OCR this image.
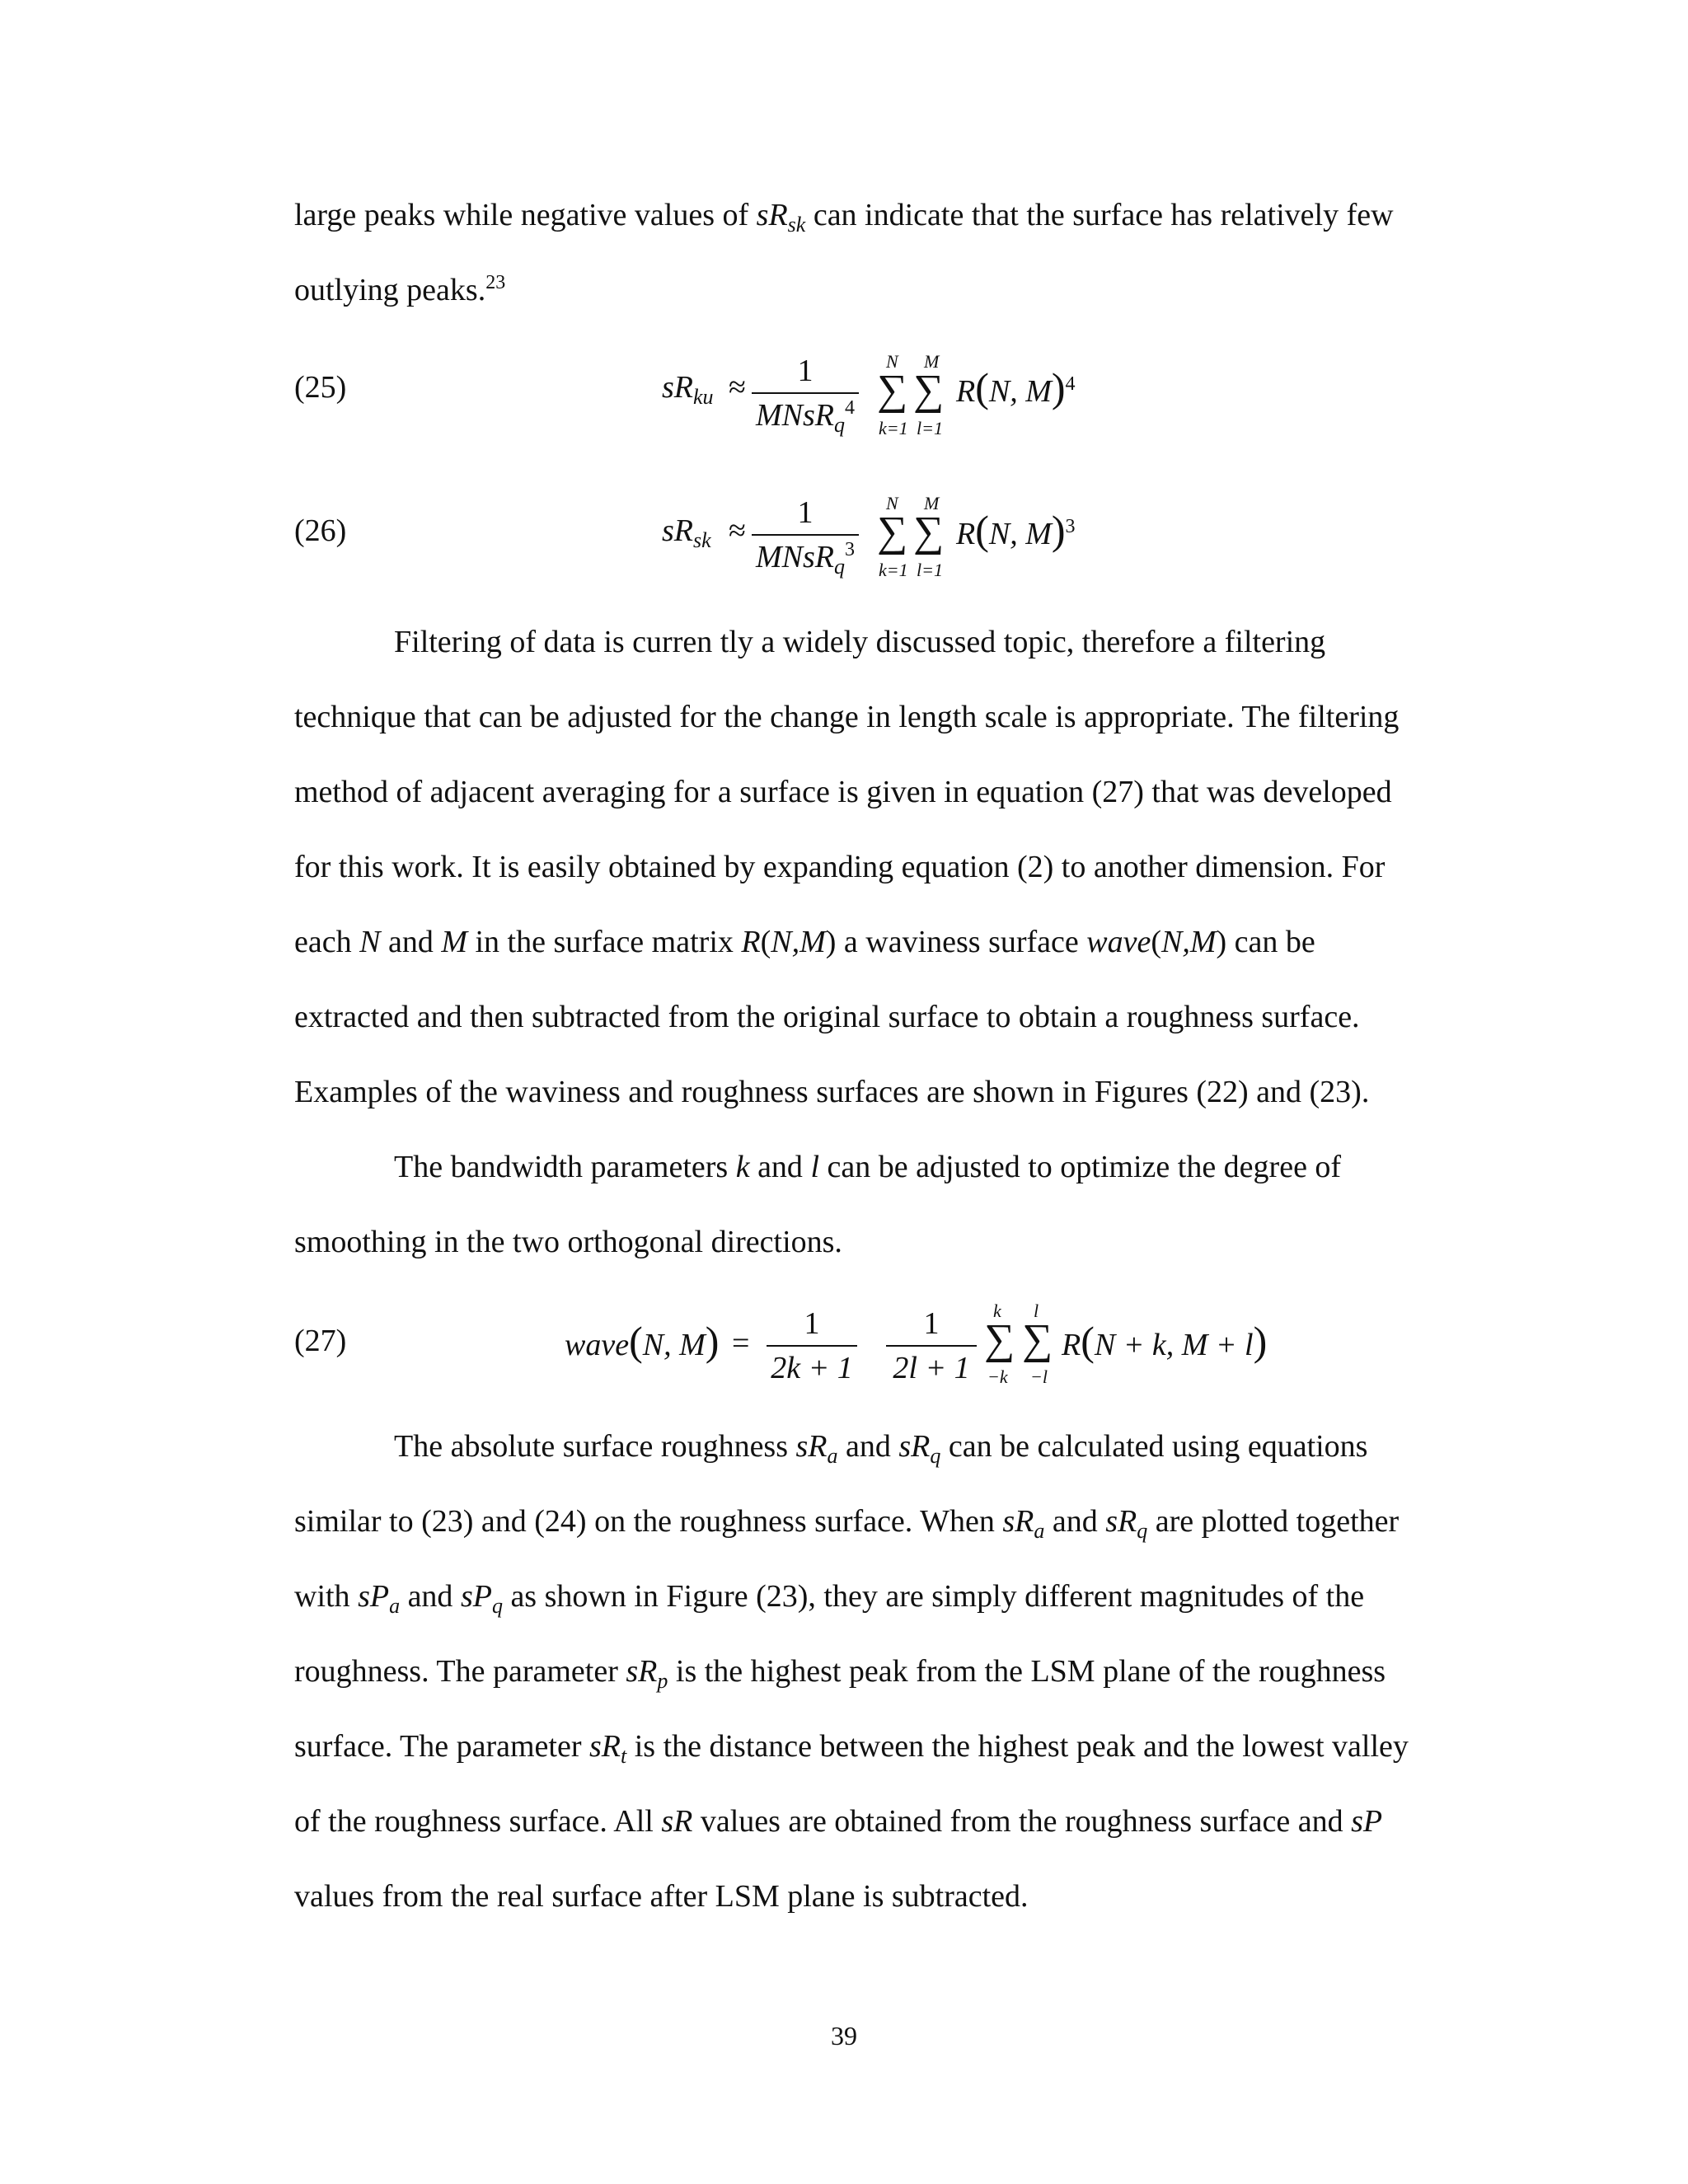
large peaks while negative values of $sR_{sk}$ can indicate that the surface has relatively few
outlying peaks.$^{23}$
(25)	$sR_{ku}$ ≈	1
MNsR$_q^4$
N
∑
k=1
M
∑
l=1
R(N, M)$^4$
(26)	$sR_{sk}$ ≈
1
MNsR$_q^3$
N
∑
k=1
M
∑
l=1
R(N, M)$^3$
Filtering of data is curren tly a widely discussed topic, therefore a filtering
technique that can be adjusted for the change in length scale is appropriate. The filtering
method of adjacent averaging for a surface is given in equation (27) that was developed
for this work. It is easily obtained by expanding equation (2) to another dimension. For
each N and M in the surface matrix R(N,M) a waviness surface wave(N,M) can be
extracted and then subtracted from the original surface to obtain a roughness surface.
Examples of the waviness and roughness surfaces are shown in Figures (22) and (23).
The bandwidth parameters k and l can be adjusted to optimize the degree of
smoothing in the two orthogonal directions.
(27)	wave(N, M) =
1
2k + 1
1
2l + 1
k
∑
−k
l
∑
−l
R(N + k, M + l)
The absolute surface roughness $sR_a$ and $sR_q$ can be calculated using equations
similar to (23) and (24) on the roughness surface. When $sR_a$ and $sR_q$ are plotted together
with $sP_a$ and $sP_q$ as shown in Figure (23), they are simply different magnitudes of the
roughness. The parameter $sR_p$ is the highest peak from the LSM plane of the roughness
surface. The parameter $sR_t$ is the distance between the highest peak and the lowest valley
of the roughness surface. All sR values are obtained from the roughness surface and sP
values from the real surface after LSM plane is subtracted.
39
